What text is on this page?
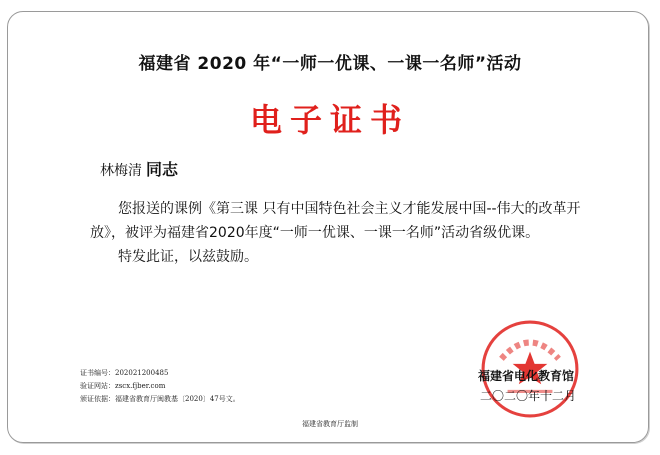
福建省 2020 年“一师一优课、一课一名师”活动
电子证书
林梅清 同志

您报送的课例《第三课 只有中国特色社会主义才能发展中国--伟大的改革开放》，被评为福建省2020年度“一师一优课、一课一名师”活动省级优课。

特发此证，以兹鼓励。

证书编号：202021200485
验证网站：zscx.fjber.com
颁证依据：福建省教育厅闽教基〔2020〕47号文。
福建省电化教育馆
二〇二〇年十二月
福建省教育厅监制
